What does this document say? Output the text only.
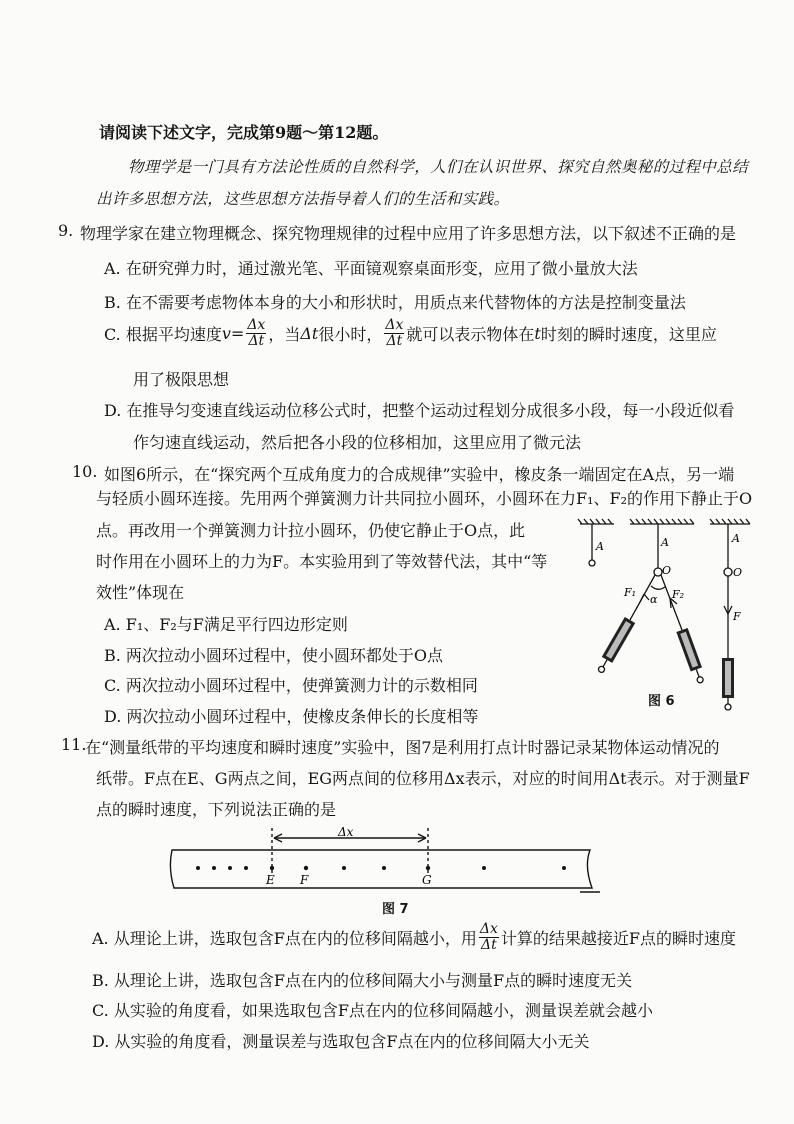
请阅读下述文字，完成第9题～第12题。
物理学是一门具有方法论性质的自然科学，人们在认识世界、探究自然奥秘的过程中总结
出许多思想方法，这些思想方法指导着人们的生活和实践。
9. 物理学家在建立物理概念、探究物理规律的过程中应用了许多思想方法，以下叙述不正确的是
A. 在研究弹力时，通过激光笔、平面镜观察桌面形变，应用了微小量放大法
B. 在不需要考虑物体本身的大小和形状时，用质点来代替物体的方法是控制变量法
C. 根据平均速度 $v = \frac{\Delta x}{\Delta t}$ ，当 Δt 很小时， $\frac{\Delta x}{\Delta t}$ 就可以表示物体在 t 时刻的瞬时速度，这里应
用了极限思想
D. 在推导匀变速直线运动位移公式时，把整个运动过程划分成很多小段，每一小段近似看
作匀速直线运动，然后把各小段的位移相加，这里应用了微元法
10. 如图6所示，在“探究两个互成角度力的合成规律”实验中，橡皮条一端固定在A点，另一端
与轻质小圆环连接。先用两个弹簧测力计共同拉小圆环，小圆环在力F₁、F₂的作用下静止于O
点。再改用一个弹簧测力计拉小圆环，仍使它静止于O点，此
时作用在小圆环上的力为F。本实验用到了等效替代法，其中“等
效性”体现在
A. F₁、F₂与F满足平行四边形定则
B. 两次拉动小圆环过程中，使小圆环都处于O点
C. 两次拉动小圆环过程中，使弹簧测力计的示数相同
D. 两次拉动小圆环过程中，使橡皮条伸长的长度相等
A	A
O
F₁	F₂
α
A
O
F
图 6
11.
在“测量纸带的平均速度和瞬时速度”实验中，图7是利用打点计时器记录某物体运动情况的
纸带。F点在E、G两点之间，EG两点间的位移用Δx表示，对应的时间用Δt表示。对于测量F
点的瞬时速度，下列说法正确的是
Δx
E F	G
图 7
A. 从理论上讲，选取包含F点在内的位移间隔越小，用 $\frac{\Delta x}{\Delta t}$ 计算的结果越接近F点的瞬时速度
B. 从理论上讲，选取包含F点在内的位移间隔大小与测量F点的瞬时速度无关
C. 从实验的角度看，如果选取包含F点在内的位移间隔越小，测量误差就会越小
D. 从实验的角度看，测量误差与选取包含F点在内的位移间隔大小无关
